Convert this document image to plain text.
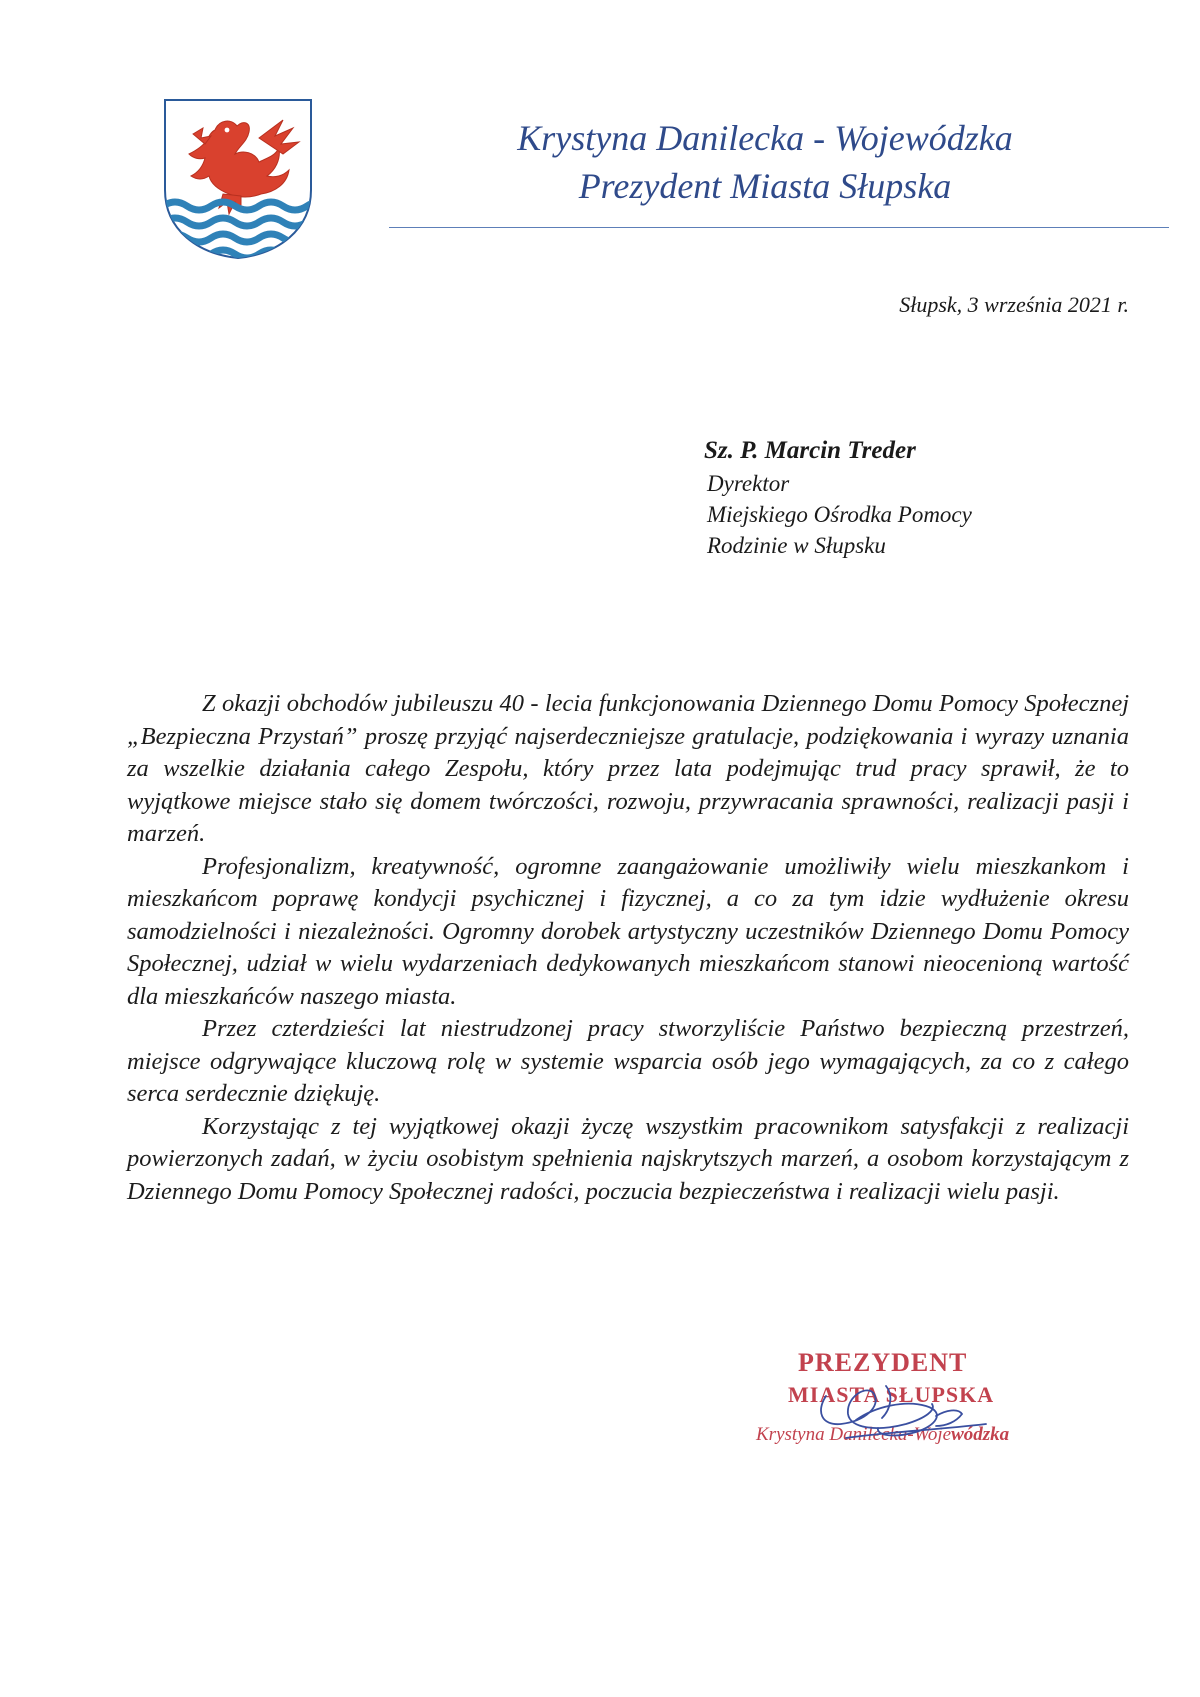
Krystyna Danilecka - Wojewódzka
Prezydent Miasta Słupska
Słupsk, 3 września 2021 r.
Sz. P. Marcin Treder
Dyrektor
Miejskiego Ośrodka Pomocy
Rodzinie w Słupsku

Z okazji obchodów jubileuszu 40 - lecia funkcjonowania Dziennego Domu Pomocy Społecznej „Bezpieczna Przystań” proszę przyjąć najserdeczniejsze gratulacje, podziękowania i wyrazy uznania za wszelkie działania całego Zespołu, który przez lata podejmując trud pracy sprawił, że to wyjątkowe miejsce stało się domem twórczości, rozwoju, przywracania sprawności, realizacji pasji i marzeń.

Profesjonalizm, kreatywność, ogromne zaangażowanie umożliwiły wielu mieszkankom i mieszkańcom poprawę kondycji psychicznej i fizycznej, a co za tym idzie wydłużenie okresu samodzielności i niezależności. Ogromny dorobek artystyczny uczestników Dziennego Domu Pomocy Społecznej, udział w wielu wydarzeniach dedykowanych mieszkańcom stanowi nieocenioną wartość dla mieszkańców naszego miasta.

Przez czterdzieści lat niestrudzonej pracy stworzyliście Państwo bezpieczną przestrzeń, miejsce odgrywające kluczową rolę w systemie wsparcia osób jego wymagających, za co z całego serca serdecznie dziękuję.

Korzystając z tej wyjątkowej okazji życzę wszystkim pracownikom satysfakcji z realizacji powierzonych zadań, w życiu osobistym spełnienia najskrytszych marzeń, a osobom korzystającym z Dziennego Domu Pomocy Społecznej radości, poczucia bezpieczeństwa i realizacji wielu pasji.

PREZYDENT
MIASTA SŁUPSKA
Krystyna Danilecka-Wojewódzka
